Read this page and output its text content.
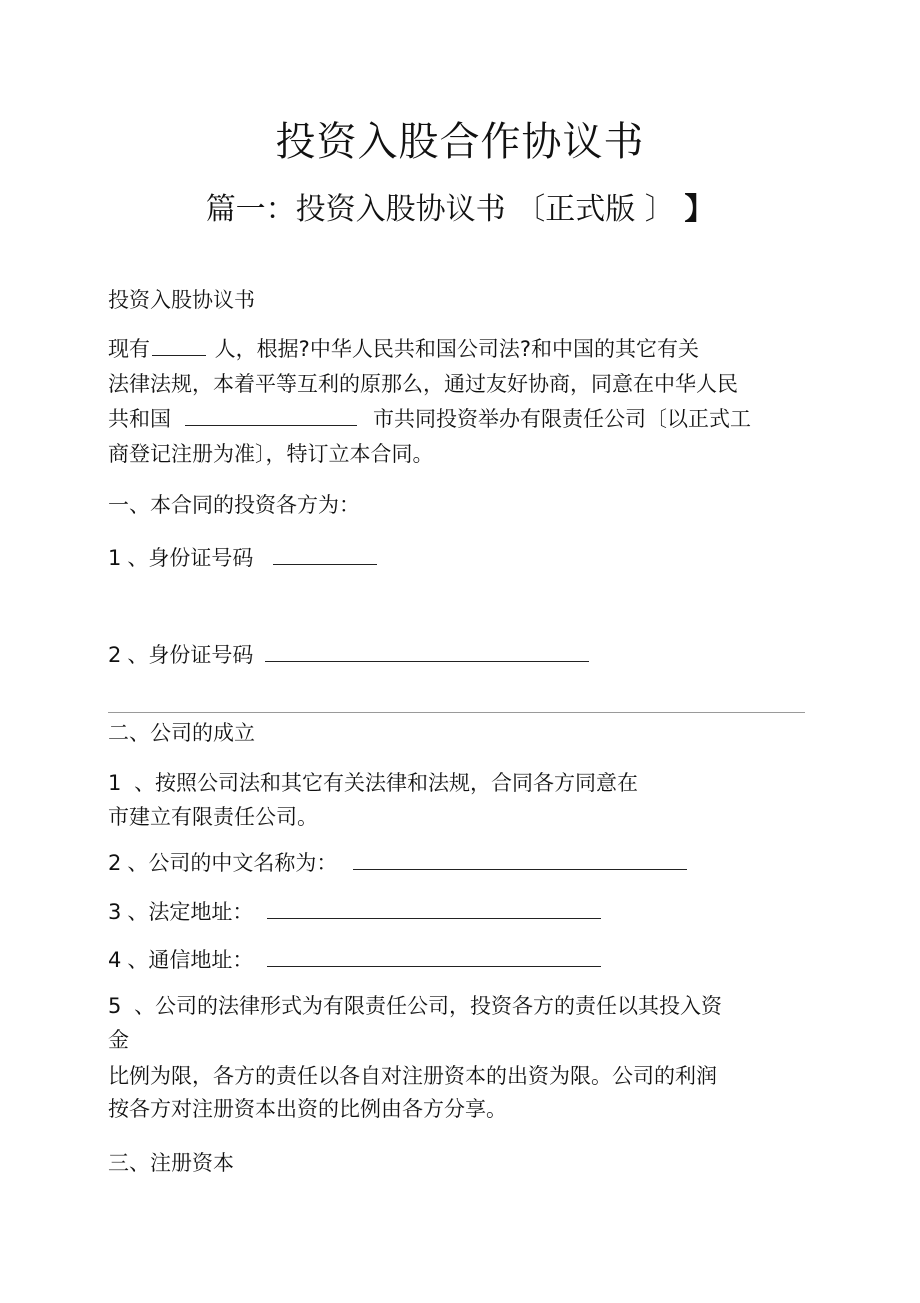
投资入股合作协议书
篇一：投资入股协议书 〔正式版 〕 】
投资入股协议书
现有	人，根据?中华人民共和国公司法?和中国的其它有关
法律法规，本着平等互利的原那么，通过友好协商，同意在中华人民
共和国	市共同投资举办有限责任公司〔以正式工
商登记注册为准〕，特订立本合同。
一、本合同的投资各方为：
1、身份证号码
2、身份证号码
二、公司的成立
1 、按照公司法和其它有关法律和法规，合同各方同意在
市建立有限责任公司。
2、公司的中文名称为：
3、法定地址：
4、通信地址：
5 、公司的法律形式为有限责任公司，投资各方的责任以其投入资
金
比例为限，各方的责任以各自对注册资本的出资为限。公司的利润
按各方对注册资本出资的比例由各方分享。
三、注册资本
